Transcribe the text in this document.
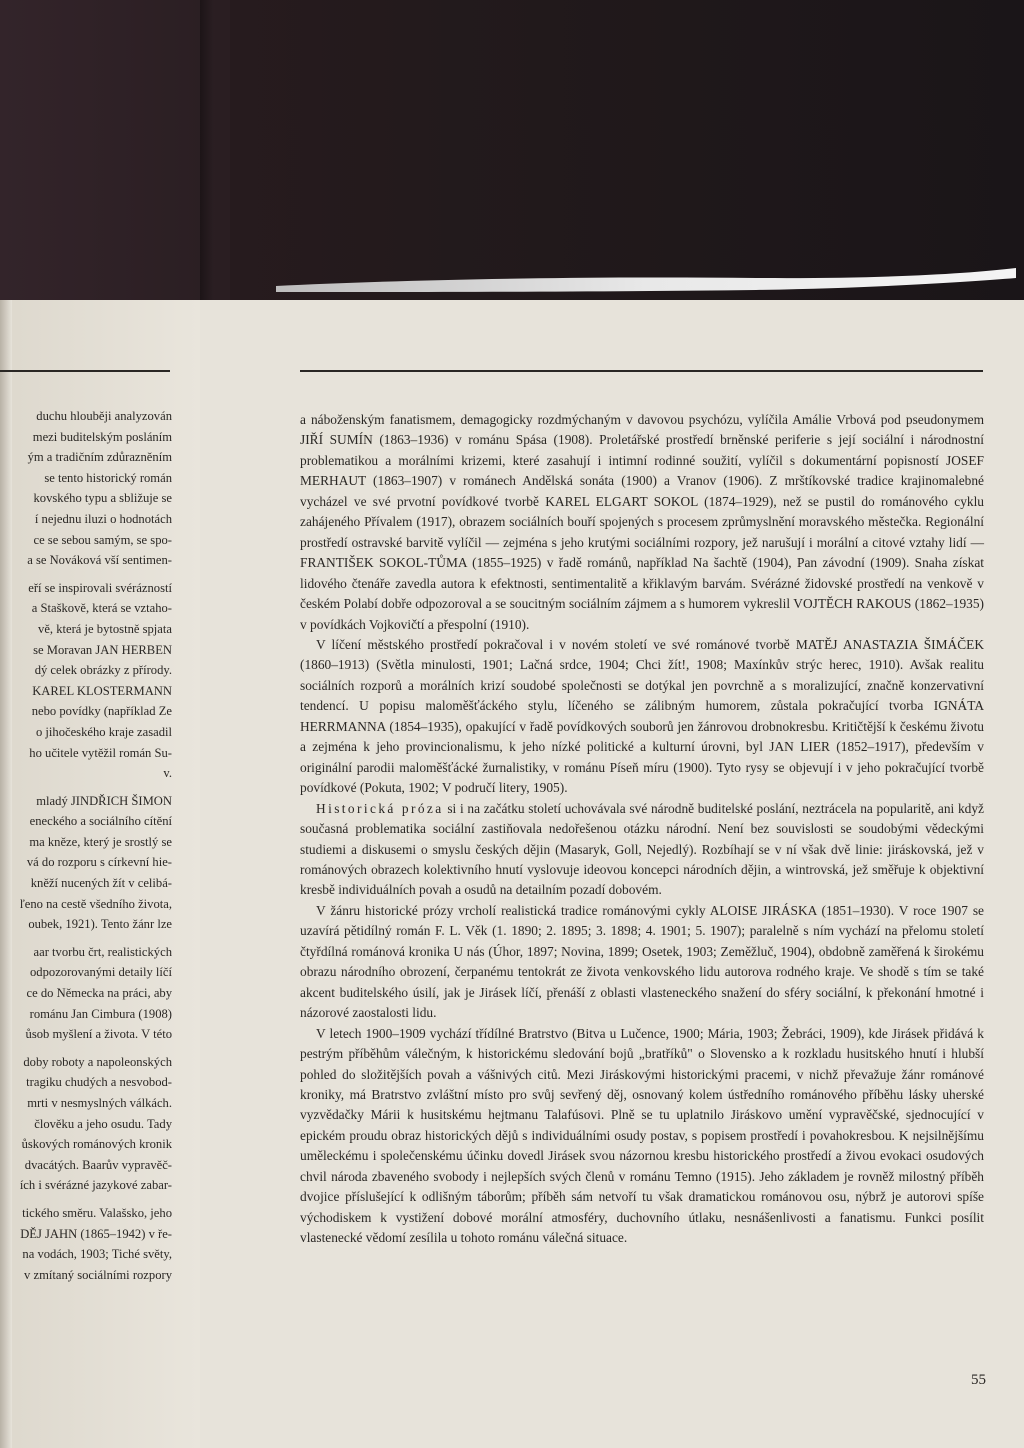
duchu hlouběji analyzován
mezi buditelským posláním
ým a tradičním zdůrazněním
se tento historický román
kovského typu a sbližuje se
í nejednu iluzi o hodnotách
ce se sebou samým, se spo-
a se Nováková vší sentimen-
eří se inspirovali svérázností
a Staškově, která se vztaho-
vě, která je bytostně spjata
se Moravan JAN HERBEN
dý celek obrázky z přírody.
KAREL KLOSTERMANN
nebo povídky (například Ze
o jihočeského kraje zasadil
ho učitele vytěžil román Su-
v.
mladý JINDŘICH ŠIMON
eneckého a sociálního cítění
ma kněze, který je srostlý se
vá do rozporu s církevní hie-
kněží nucených žít v celibá-
ľeno na cestě všedního života,
oubek, 1921). Tento žánr lze
aar tvorbu črt, realistických
odpozorovanými detaily líčí
ce do Německa na práci, aby
románu Jan Cimbura (1908)
ůsob myšlení a života. V této
doby roboty a napoleonských
tragiku chudých a nesvobod-
mrti v nesmyslných válkách.
člověku a jeho osudu. Tady
ůskových románových kronik
dvacátých. Baarův vypravěč-
ích i svérázné jazykové zabar-
tického směru. Valašsko, jeho
DĚJ JAHN (1865–1942) v ře-
na vodách, 1903; Tiché světy,
v zmítaný sociálními rozpory

a náboženským fanatismem, demagogicky rozdmýchaným v davovou psychózu, vylíčila Amálie Vrbová pod pseudonymem JIŘÍ SUMÍN (1863–1936) v románu Spása (1908). Proletářské prostředí brněnské periferie s její sociální i národnostní problematikou a morálními krizemi, které zasahují i intimní rodinné soužití, vylíčil s dokumentární popisností JOSEF MERHAUT (1863–1907) v románech Andělská sonáta (1900) a Vranov (1906). Z mrštíkovské tradice krajinomalebné vycházel ve své prvotní povídkové tvorbě KAREL ELGART SOKOL (1874–1929), než se pustil do románového cyklu zahájeného Přívalem (1917), obrazem sociálních bouří spojených s procesem zprůmyslnění moravského městečka. Regionální prostředí ostravské barvitě vylíčil — zejména s jeho krutými sociálními rozpory, jež narušují i morální a citové vztahy lidí — FRANTIŠEK SOKOL-TŮMA (1855–1925) v řadě románů, například Na šachtě (1904), Pan závodní (1909). Snaha získat lidového čtenáře zavedla autora k efektnosti, sentimentalitě a křiklavým barvám. Svérázné židovské prostředí na venkově v českém Polabí dobře odpozoroval a se soucitným sociálním zájmem a s humorem vykreslil VOJTĚCH RAKOUS (1862–1935) v povídkách Vojkovičtí a přespolní (1910).

V líčení městského prostředí pokračoval i v novém století ve své románové tvorbě MATĚJ ANASTAZIA ŠIMÁČEK (1860–1913) (Světla minulosti, 1901; Lačná srdce, 1904; Chci žít!, 1908; Maxínkův strýc herec, 1910). Avšak realitu sociálních rozporů a morálních krizí soudobé společnosti se dotýkal jen povrchně a s moralizující, značně konzervativní tendencí. U popisu maloměšťáckého stylu, líčeného se zálibným humorem, zůstala pokračující tvorba IGNÁTA HERRMANNA (1854–1935), opakující v řadě povídkových souborů jen žánrovou drobnokresbu. Kritičtější k českému životu a zejména k jeho provincionalismu, k jeho nízké politické a kulturní úrovni, byl JAN LIER (1852–1917), především v originální parodii maloměšťácké žurnalistiky, v románu Píseň míru (1900). Tyto rysy se objevují i v jeho pokračující tvorbě povídkové (Pokuta, 1902; V područí litery, 1905).

Historická próza si i na začátku století uchovávala své národně buditelské poslání, neztrácela na popularitě, ani když současná problematika sociální zastiňovala nedořešenou otázku národní. Není bez souvislosti se soudobými vědeckými studiemi a diskusemi o smyslu českých dějin (Masaryk, Goll, Nejedlý). Rozbíhají se v ní však dvě linie: jiráskovská, jež v románových obrazech kolektivního hnutí vyslovuje ideovou koncepci národních dějin, a wintrovská, jež směřuje k objektivní kresbě individuálních povah a osudů na detailním pozadí dobovém.

V žánru historické prózy vrcholí realistická tradice románovými cykly ALOISE JIRÁSKA (1851–1930). V roce 1907 se uzavírá pětidílný román F. L. Věk (1. 1890; 2. 1895; 3. 1898; 4. 1901; 5. 1907); paralelně s ním vychází na přelomu století čtyřdílná románová kronika U nás (Úhor, 1897; Novina, 1899; Osetek, 1903; Zeměžluč, 1904), obdobně zaměřená k širokému obrazu národního obrození, čerpanému tentokrát ze života venkovského lidu autorova rodného kraje. Ve shodě s tím se také akcent buditelského úsilí, jak je Jirásek líčí, přenáší z oblasti vlasteneckého snažení do sféry sociální, k překonání hmotné i názorové zaostalosti lidu.

V letech 1900–1909 vychází třídílné Bratrstvo (Bitva u Lučence, 1900; Mária, 1903; Žebráci, 1909), kde Jirásek přidává k pestrým příběhům válečným, k historickému sledování bojů „bratříků" o Slovensko a k rozkladu husitského hnutí i hlubší pohled do složitějších povah a vášnivých citů. Mezi Jiráskovými historickými pracemi, v nichž převažuje žánr románové kroniky, má Bratrstvo zvláštní místo pro svůj sevřený děj, osnovaný kolem ústředního románového příběhu lásky uherské vyzvědačky Márii k husitskému hejtmanu Talafúsovi. Plně se tu uplatnilo Jiráskovo umění vypravěčské, sjednocující v epickém proudu obraz historických dějů s individuálními osudy postav, s popisem prostředí i povahokresbou. K nejsilnějšímu uměleckému i společenskému účinku dovedl Jirásek svou názornou kresbu historického prostředí a živou evokaci osudových chvil národa zbaveného svobody i nejlepších svých členů v románu Temno (1915). Jeho základem je rovněž milostný příběh dvojice příslušející k odlišným táborům; příběh sám netvoří tu však dramatickou románovou osu, nýbrž je autorovi spíše východiskem k vystižení dobové morální atmosféry, duchovního útlaku, nesnášenlivosti a fanatismu. Funkci posílit vlastenecké vědomí zesílila u tohoto románu válečná situace.

55
